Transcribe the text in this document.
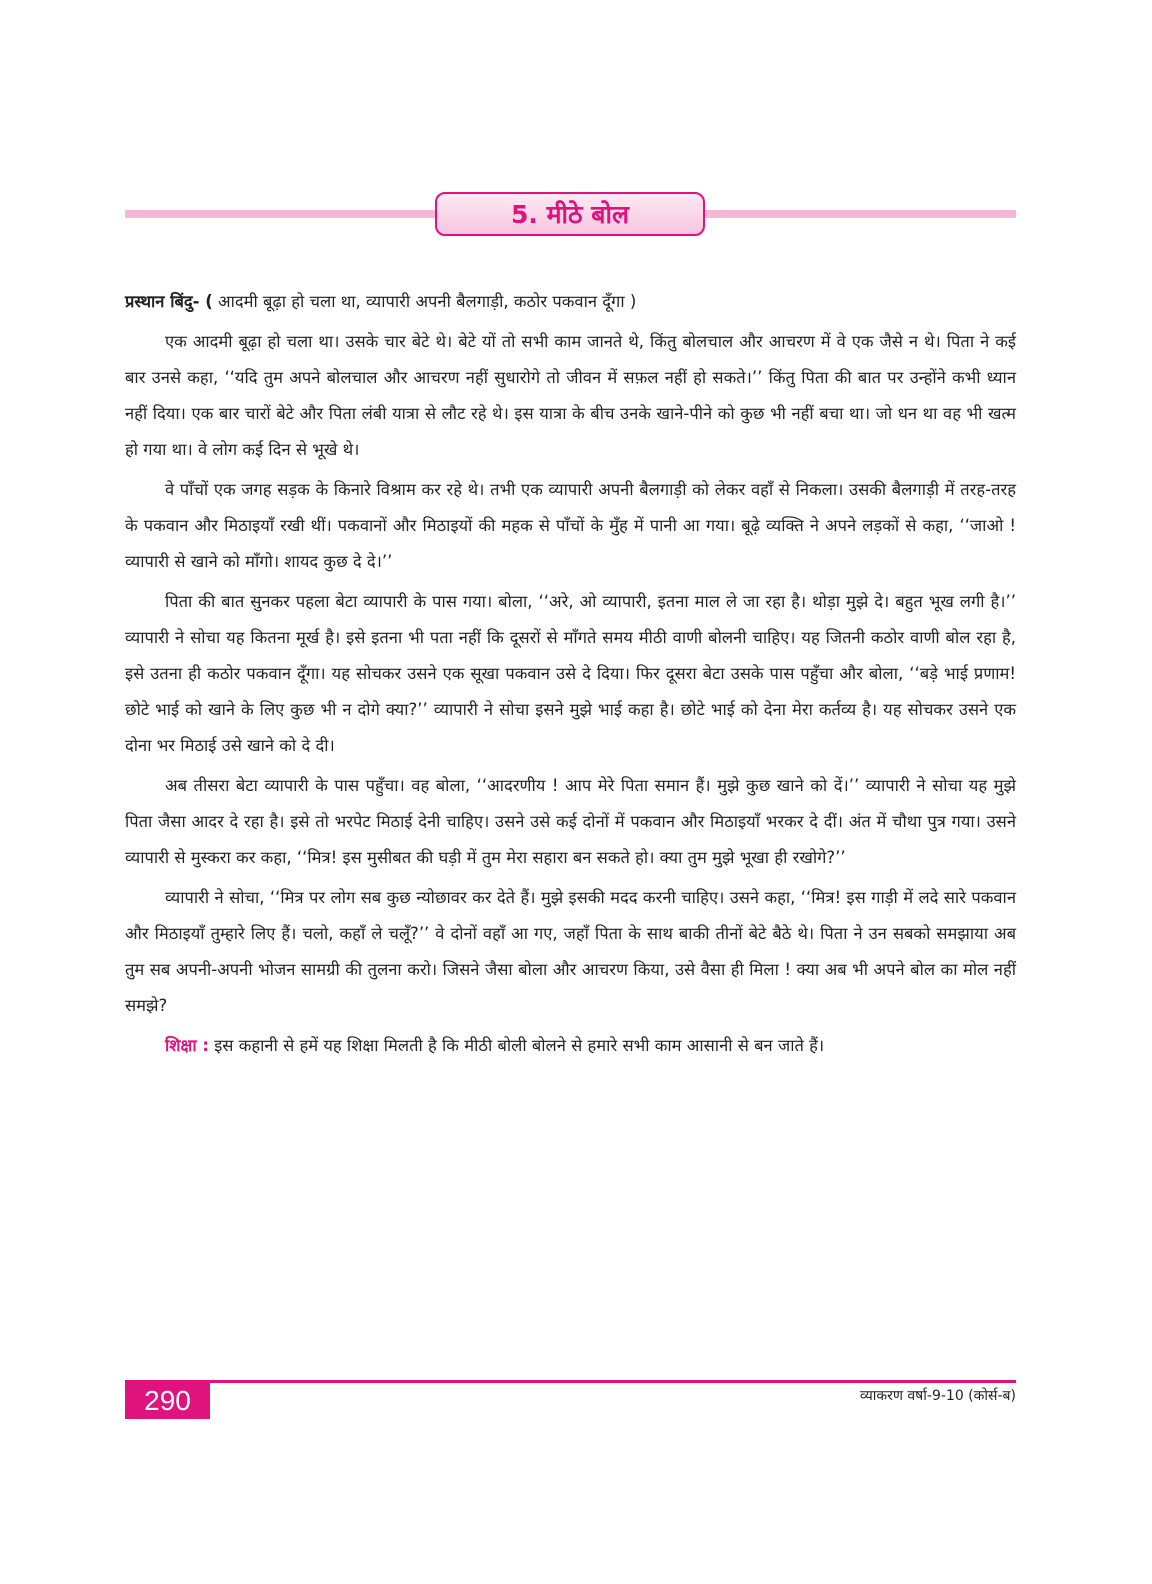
5. मीठे बोल

प्रस्थान बिंदु- ( आदमी बूढ़ा हो चला था, व्यापारी अपनी बैलगाड़ी, कठोर पकवान दूँगा )

एक आदमी बूढ़ा हो चला था। उसके चार बेटे थे। बेटे यों तो सभी काम जानते थे, किंतु बोलचाल और आचरण में वे एक जैसे न थे। पिता ने कई बार उनसे कहा, ‘‘यदि तुम अपने बोलचाल और आचरण नहीं सुधारोगे तो जीवन में सफ़ल नहीं हो सकते।’’ किंतु पिता की बात पर उन्होंने कभी ध्यान नहीं दिया। एक बार चारों बेटे और पिता लंबी यात्रा से लौट रहे थे। इस यात्रा के बीच उनके खाने-पीने को कुछ भी नहीं बचा था। जो धन था वह भी खत्म हो गया था। वे लोग कई दिन से भूखे थे।

वे पाँचों एक जगह सड़क के किनारे विश्राम कर रहे थे। तभी एक व्यापारी अपनी बैलगाड़ी को लेकर वहाँ से निकला। उसकी बैलगाड़ी में तरह-तरह के पकवान और मिठाइयाँ रखी थीं। पकवानों और मिठाइयों की महक से पाँचों के मुँह में पानी आ गया। बूढ़े व्यक्ति ने अपने लड़कों से कहा, ‘‘जाओ ! व्यापारी से खाने को माँगो। शायद कुछ दे दे।’’

पिता की बात सुनकर पहला बेटा व्यापारी के पास गया। बोला, ‘‘अरे, ओ व्यापारी, इतना माल ले जा रहा है। थोड़ा मुझे दे। बहुत भूख लगी है।’’ व्यापारी ने सोचा यह कितना मूर्ख है। इसे इतना भी पता नहीं कि दूसरों से माँगते समय मीठी वाणी बोलनी चाहिए। यह जितनी कठोर वाणी बोल रहा है, इसे उतना ही कठोर पकवान दूँगा। यह सोचकर उसने एक सूखा पकवान उसे दे दिया। फिर दूसरा बेटा उसके पास पहुँचा और बोला, ‘‘बड़े भाई प्रणाम! छोटे भाई को खाने के लिए कुछ भी न दोगे क्या?’’ व्यापारी ने सोचा इसने मुझे भाई कहा है। छोटे भाई को देना मेरा कर्तव्य है। यह सोचकर उसने एक दोना भर मिठाई उसे खाने को दे दी।

अब तीसरा बेटा व्यापारी के पास पहुँचा। वह बोला, ‘‘आदरणीय ! आप मेरे पिता समान हैं। मुझे कुछ खाने को दें।’’ व्यापारी ने सोचा यह मुझे पिता जैसा आदर दे रहा है। इसे तो भरपेट मिठाई देनी चाहिए। उसने उसे कई दोनों में पकवान और मिठाइयाँ भरकर दे दीं। अंत में चौथा पुत्र गया। उसने व्यापारी से मुस्करा कर कहा, ‘‘मित्र! इस मुसीबत की घड़ी में तुम मेरा सहारा बन सकते हो। क्या तुम मुझे भूखा ही रखोगे?’’

व्यापारी ने सोचा, ‘‘मित्र पर लोग सब कुछ न्योछावर कर देते हैं। मुझे इसकी मदद करनी चाहिए। उसने कहा, ‘‘मित्र! इस गाड़ी में लदे सारे पकवान और मिठाइयाँ तुम्हारे लिए हैं। चलो, कहाँ ले चलूँ?’’ वे दोनों वहाँ आ गए, जहाँ पिता के साथ बाकी तीनों बेटे बैठे थे। पिता ने उन सबको समझाया अब तुम सब अपनी-अपनी भोजन सामग्री की तुलना करो। जिसने जैसा बोला और आचरण किया, उसे वैसा ही मिला ! क्या अब भी अपने बोल का मोल नहीं समझे?

शिक्षा : इस कहानी से हमें यह शिक्षा मिलती है कि मीठी बोली बोलने से हमारे सभी काम आसानी से बन जाते हैं।

290	व्याकरण वर्षा-9-10 (कोर्स-ब)
